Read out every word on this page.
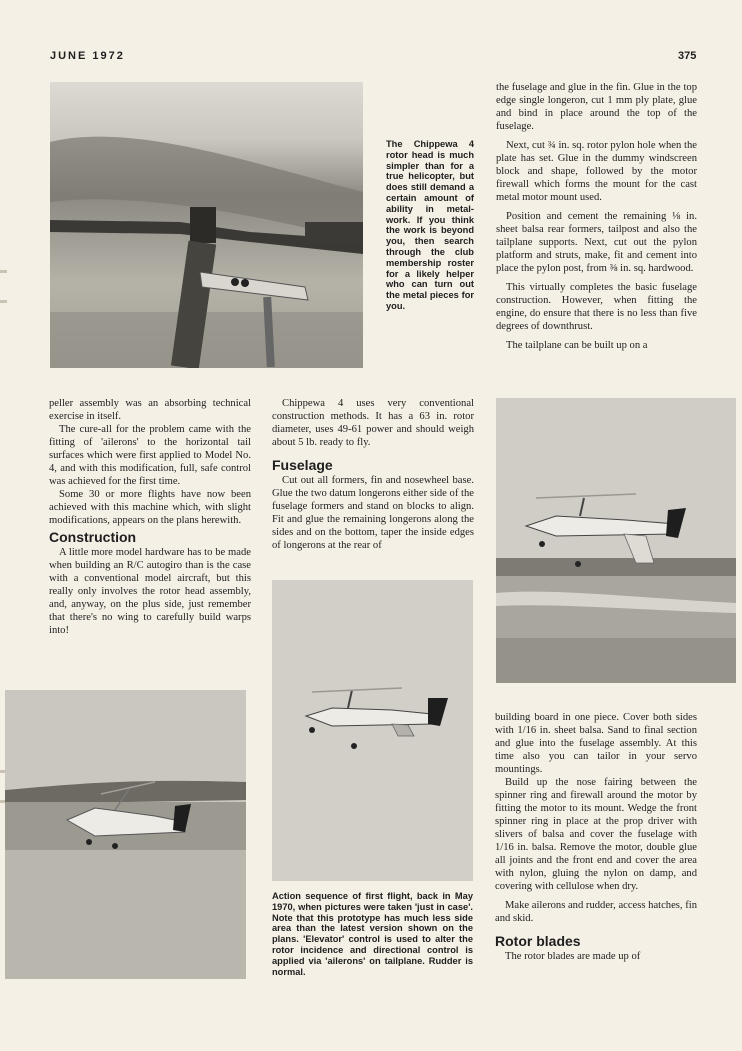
JUNE 1972	375
The Chippewa 4 rotor head is much simpler than for a true helicopter, but does still demand a certain amount of ability in metalwork. If you think the work is beyond you, then search through the club membership roster for a likely helper who can turn out the metal pieces for you.

the fuselage and glue in the fin. Glue in the top edge single longeron, cut 1 mm ply plate, glue and bind in place around the top of the fuselage.

Next, cut ¾ in. sq. rotor pylon hole when the plate has set. Glue in the dummy windscreen block and shape, followed by the motor firewall which forms the mount for the cast metal motor mount used.

Position and cement the remaining ⅛ in. sheet balsa rear formers, tailpost and also the tailplane supports. Next, cut out the pylon platform and struts, make, fit and cement into place the pylon post, from ⅜ in. sq. hardwood.

This virtually completes the basic fuselage construction. However, when fitting the engine, do ensure that there is no less than five degrees of downthrust.

The tailplane can be built up on a

peller assembly was an absorbing technical exercise in itself.

The cure-all for the problem came with the fitting of 'ailerons' to the horizontal tail surfaces which were first applied to Model No. 4, and with this modification, full, safe control was achieved for the first time.

Some 30 or more flights have now been achieved with this machine which, with slight modifications, appears on the plans herewith.

Construction

A little more model hardware has to be made when building an R/C autogiro than is the case with a conventional model aircraft, but this really only involves the rotor head assembly, and, anyway, on the plus side, just remember that there's no wing to carefully build warps into!

Chippewa 4 uses very conventional construction methods. It has a 63 in. rotor diameter, uses 49-61 power and should weigh about 5 lb. ready to fly.

Fuselage

Cut out all formers, fin and nosewheel base. Glue the two datum longerons either side of the fuselage formers and stand on blocks to align. Fit and glue the remaining longerons along the sides and on the bottom, taper the inside edges of longerons at the rear of

Action sequence of first flight, back in May 1970, when pictures were taken 'just in case'. Note that this prototype has much less side area than the latest version shown on the plans. 'Elevator' control is used to alter the rotor incidence and directional control is applied via 'ailerons' on tailplane. Rudder is normal.

building board in one piece. Cover both sides with 1/16 in. sheet balsa. Sand to final section and glue into the fuselage assembly. At this time also you can tailor in your servo mountings.

Build up the nose fairing between the spinner ring and firewall around the motor by fitting the motor to its mount. Wedge the front spinner ring in place at the prop driver with slivers of balsa and cover the fuselage with 1/16 in. balsa. Remove the motor, double glue all joints and the front end and cover the area with nylon, gluing the nylon on damp, and covering with cellulose when dry.

Make ailerons and rudder, access hatches, fin and skid.

Rotor blades

The rotor blades are made up of
